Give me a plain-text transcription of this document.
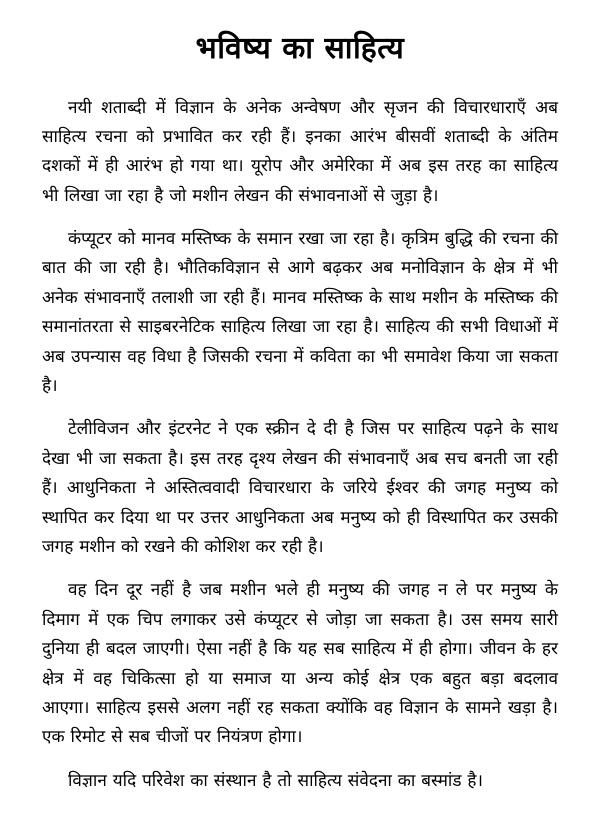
भविष्य का साहित्य

नयी शताब्दी में विज्ञान के अनेक अन्वेषण और सृजन की विचारधाराएँ अब साहित्य रचना को प्रभावित कर रही हैं। इनका आरंभ बीसवीं शताब्दी के अंतिम दशकों में ही आरंभ हो गया था। यूरोप और अमेरिका में अब इस तरह का साहित्य भी लिखा जा रहा है जो मशीन लेखन की संभावनाओं से जुड़ा है।

कंप्यूटर को मानव मस्तिष्क के समान रखा जा रहा है। कृत्रिम बुद्धि की रचना की बात की जा रही है। भौतिकविज्ञान से आगे बढ़कर अब मनोविज्ञान के क्षेत्र में भी अनेक संभावनाएँ तलाशी जा रही हैं। मानव मस्तिष्क के साथ मशीन के मस्तिष्क की समानांतरता से साइबरनेटिक साहित्य लिखा जा रहा है। साहित्य की सभी विधाओं में अब उपन्यास वह विधा है जिसकी रचना में कविता का भी समावेश किया जा सकता है।

टेलीविजन और इंटरनेट ने एक स्क्रीन दे दी है जिस पर साहित्य पढ़ने के साथ देखा भी जा सकता है। इस तरह दृश्य लेखन की संभावनाएँ अब सच बनती जा रही हैं। आधुनिकता ने अस्तित्ववादी विचारधारा के जरिये ईश्वर की जगह मनुष्य को स्थापित कर दिया था पर उत्तर आधुनिकता अब मनुष्य को ही विस्थापित कर उसकी जगह मशीन को रखने की कोशिश कर रही है।

वह दिन दूर नहीं है जब मशीन भले ही मनुष्य की जगह न ले पर मनुष्य के दिमाग में एक चिप लगाकर उसे कंप्यूटर से जोड़ा जा सकता है। उस समय सारी दुनिया ही बदल जाएगी। ऐसा नहीं है कि यह सब साहित्य में ही होगा। जीवन के हर क्षेत्र में वह चिकित्सा हो या समाज या अन्य कोई क्षेत्र एक बहुत बड़ा बदलाव आएगा। साहित्य इससे अलग नहीं रह सकता क्योंकि वह विज्ञान के सामने खड़ा है। एक रिमोट से सब चीजों पर नियंत्रण होगा।

विज्ञान यदि परिवेश का संस्थान है तो साहित्य संवेदना का बस्मांड है।
